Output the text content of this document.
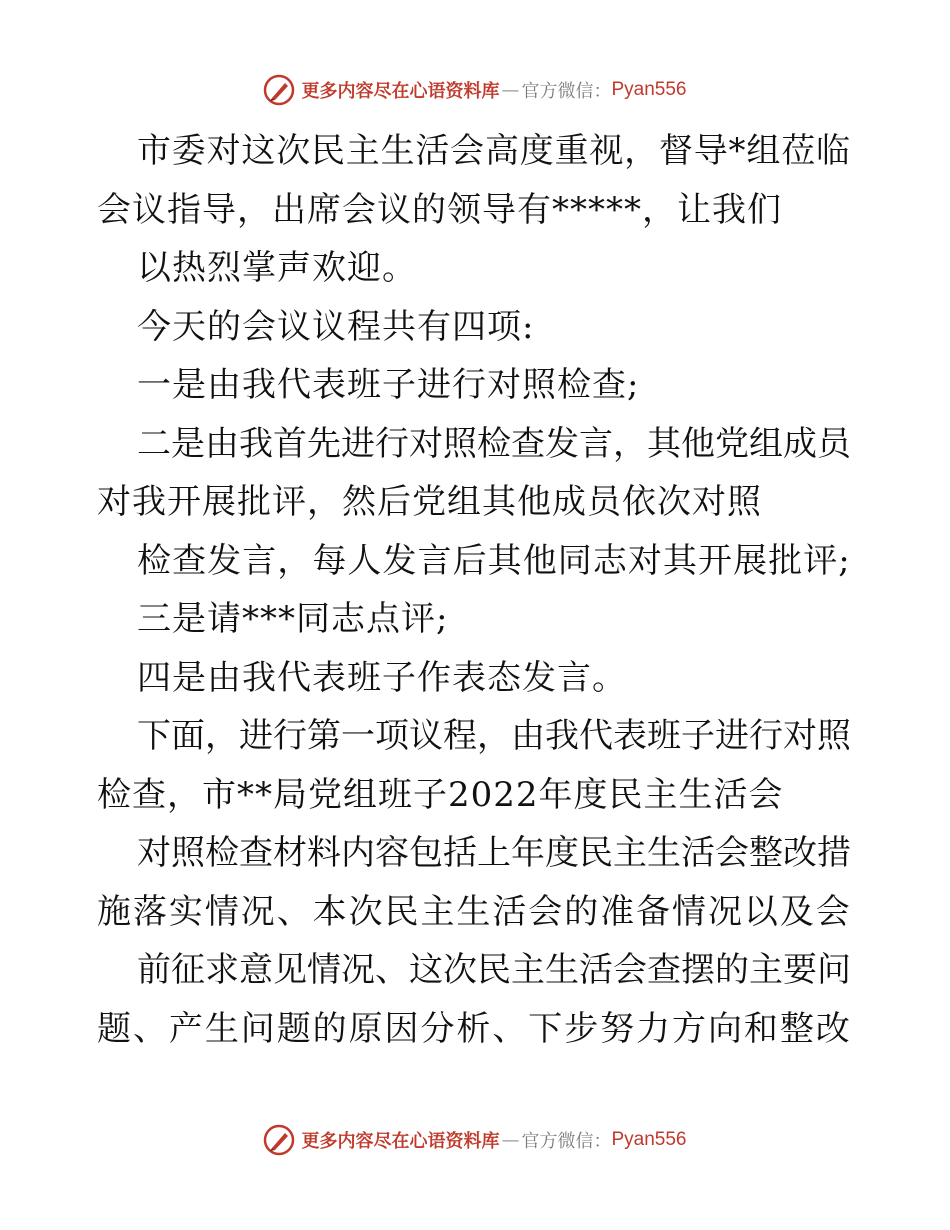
更多内容尽在心语资料库 — 官方微信： Pyan556
市 委 对 这 次 民 主 生 活 会 高 度 重 视 ， 督 导 * 组 莅 临
会议指导，出席会议的领导有*****，让我们
以热烈掌声欢迎。
今天的会议议程共有四项:
一是由我代表班子进行对照检查;
二 是 由 我 首 先 进 行 对 照 检 查 发 言 ， 其 他 党 组 成 员
对我开展批评，然后党组其他成员依次对照
检 查 发 言 ， 每 人 发 言 后 其 他 同 志 对 其 开 展 批 评 ;
三是请***同志点评;
四是由我代表班子作表态发言。
下 面 ， 进 行 第 一 项 议 程 ， 由 我 代 表 班 子 进 行 对 照
检查，市**局党组班子2022年度民主生活会
对 照 检 查 材 料 内 容 包 括 上 年 度 民 主 生 活 会 整 改 措
施 落 实 情 况 、 本 次 民 主 生 活 会 的 准 备 情 况 以 及 会
前 征 求 意 见 情 况 、 这 次 民 主 生 活 会 查 摆 的 主 要 问
题 、 产 生 问 题 的 原 因 分 析 、 下 步 努 力 方 向 和 整 改
更多内容尽在心语资料库 — 官方微信： Pyan556
